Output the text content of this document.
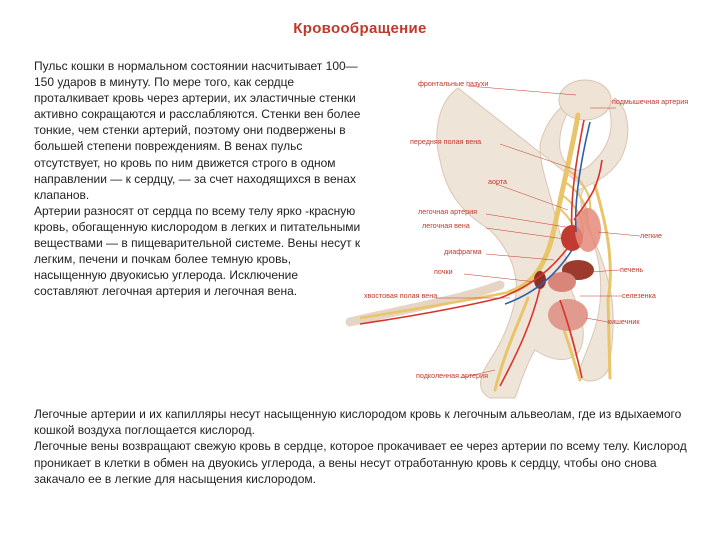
Кровообращение

Пульс кошки в нормальном состоянии насчитывает 100—150 ударов в минуту. По мере того, как сердце проталкивает кровь через артерии, их эластичные стенки активно сокращаются и расслабляются. Стенки вен более тонкие, чем стенки артерий, поэтому они подвержены в большей степени повреждениям. В венах пульс отсутствует, но кровь по ним движется строго в одном направлении — к сердцу, — за счет находящихся в венах клапанов.

Артерии разносят от сердца по всему телу ярко -красную кровь, обогащенную кислородом в легких и питательными веществами — в пищеварительной системе. Вены несут к легким, печени и почкам более темную кровь, насыщенную двуокисью углерода. Исключение составляют легочная артерия и легочная вена.

фронтальные пазухи
подмышечная артерия
передняя полая вена
аорта
легочная артерия
легочная вена
легкие
диафрагма
печень
почки
хвостовая полая вена	селезенка
кишечник
подколенная артерия

Легочные артерии и их капилляры несут насыщенную кислородом кровь к легочным альвеолам, где из вдыхаемого кошкой воздуха поглощается кислород.

Легочные вены возвращают свежую кровь в сердце, которое прокачивает ее через артерии по всему телу. Кислород проникает в клетки в обмен на двуокись углерода, а вены несут отработанную кровь к сердцу, чтобы оно снова закачало ее в легкие для насыщения кислородом.
